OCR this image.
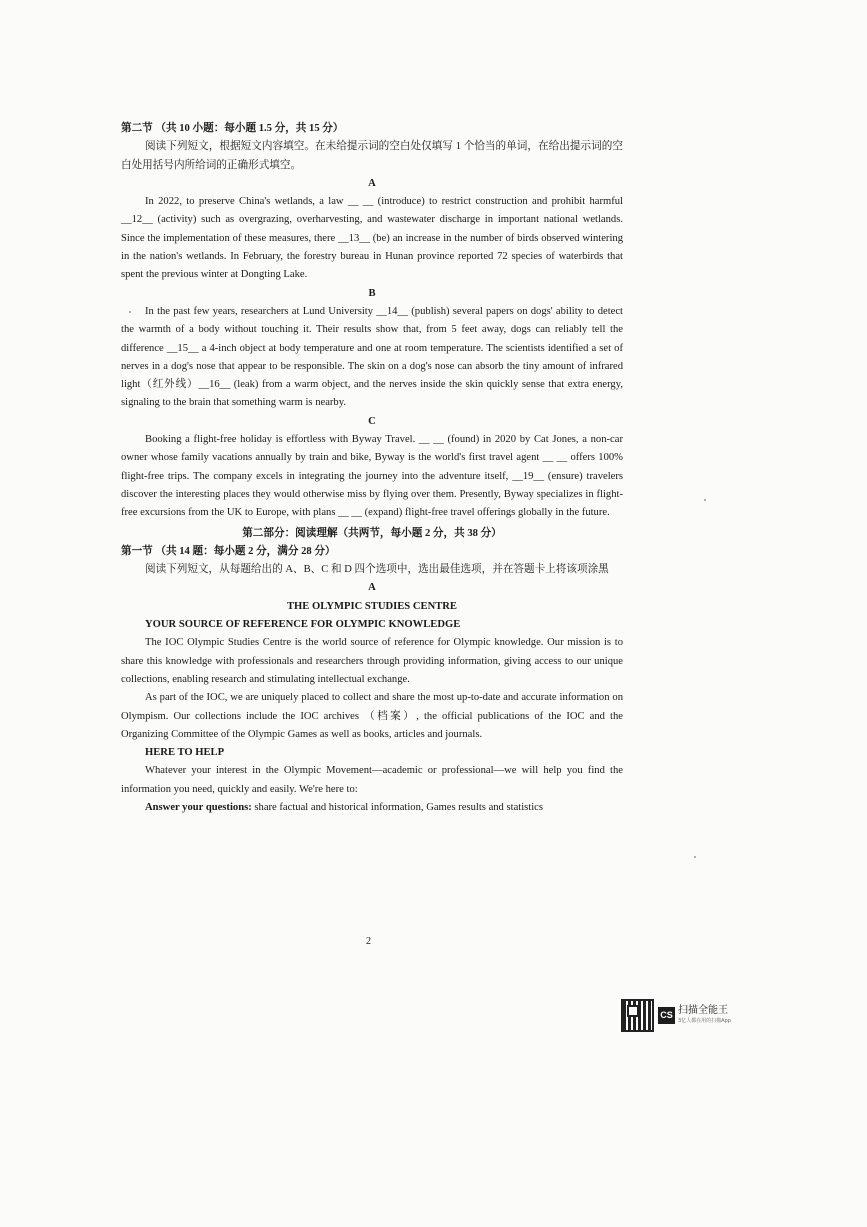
第二节 （共 10 小题：每小题 1.5 分，共 15 分）

阅读下列短文，根据短文内容填空。在未给提示词的空白处仅填写 1 个恰当的单词，在给出提示词的空白处用括号内所给词的正确形式填空。

A

In 2022, to preserve China's wetlands, a law __ __ (introduce) to restrict construction and prohibit harmful __12__ (activity) such as overgrazing, overharvesting, and wastewater discharge in important national wetlands. Since the implementation of these measures, there __13__ (be) an increase in the number of birds observed wintering in the nation's wetlands. In February, the forestry bureau in Hunan province reported 72 species of waterbirds that spent the previous winter at Dongting Lake.

B

In the past few years, researchers at Lund University __14__ (publish) several papers on dogs' ability to detect the warmth of a body without touching it. Their results show that, from 5 feet away, dogs can reliably tell the difference __15__ a 4-inch object at body temperature and one at room temperature. The scientists identified a set of nerves in a dog's nose that appear to be responsible. The skin on a dog's nose can absorb the tiny amount of infrared light（红外线）__16__ (leak) from a warm object, and the nerves inside the skin quickly sense that extra energy, signaling to the brain that something warm is nearby.

C

Booking a flight-free holiday is effortless with Byway Travel. __ __ (found) in 2020 by Cat Jones, a non-car owner whose family vacations annually by train and bike, Byway is the world's first travel agent __ __ offers 100% flight-free trips. The company excels in integrating the journey into the adventure itself, __19__ (ensure) travelers discover the interesting places they would otherwise miss by flying over them. Presently, Byway specializes in flight-free excursions from the UK to Europe, with plans __ __ (expand) flight-free travel offerings globally in the future.

第二部分：阅读理解（共两节，每小题 2 分，共 38 分）

第一节 （共 14 题：每小题 2 分，满分 28 分）

阅读下列短文，从每题给出的 A、B、C 和 D 四个选项中，选出最佳选项，并在答题卡上将该项涂黑

A

THE OLYMPIC STUDIES CENTRE

YOUR SOURCE OF REFERENCE FOR OLYMPIC KNOWLEDGE

The IOC Olympic Studies Centre is the world source of reference for Olympic knowledge. Our mission is to share this knowledge with professionals and researchers through providing information, giving access to our unique collections, enabling research and stimulating intellectual exchange.

As part of the IOC, we are uniquely placed to collect and share the most up-to-date and accurate information on Olympism. Our collections include the IOC archives （档案）, the official publications of the IOC and the Organizing Committee of the Olympic Games as well as books, articles and journals.

HERE TO HELP

Whatever your interest in the Olympic Movement—academic or professional—we will help you find the information you need, quickly and easily. We're here to:

Answer your questions: share factual and historical information, Games results and statistics

2
CS 扫描全能王
3亿人都在用的扫描App
